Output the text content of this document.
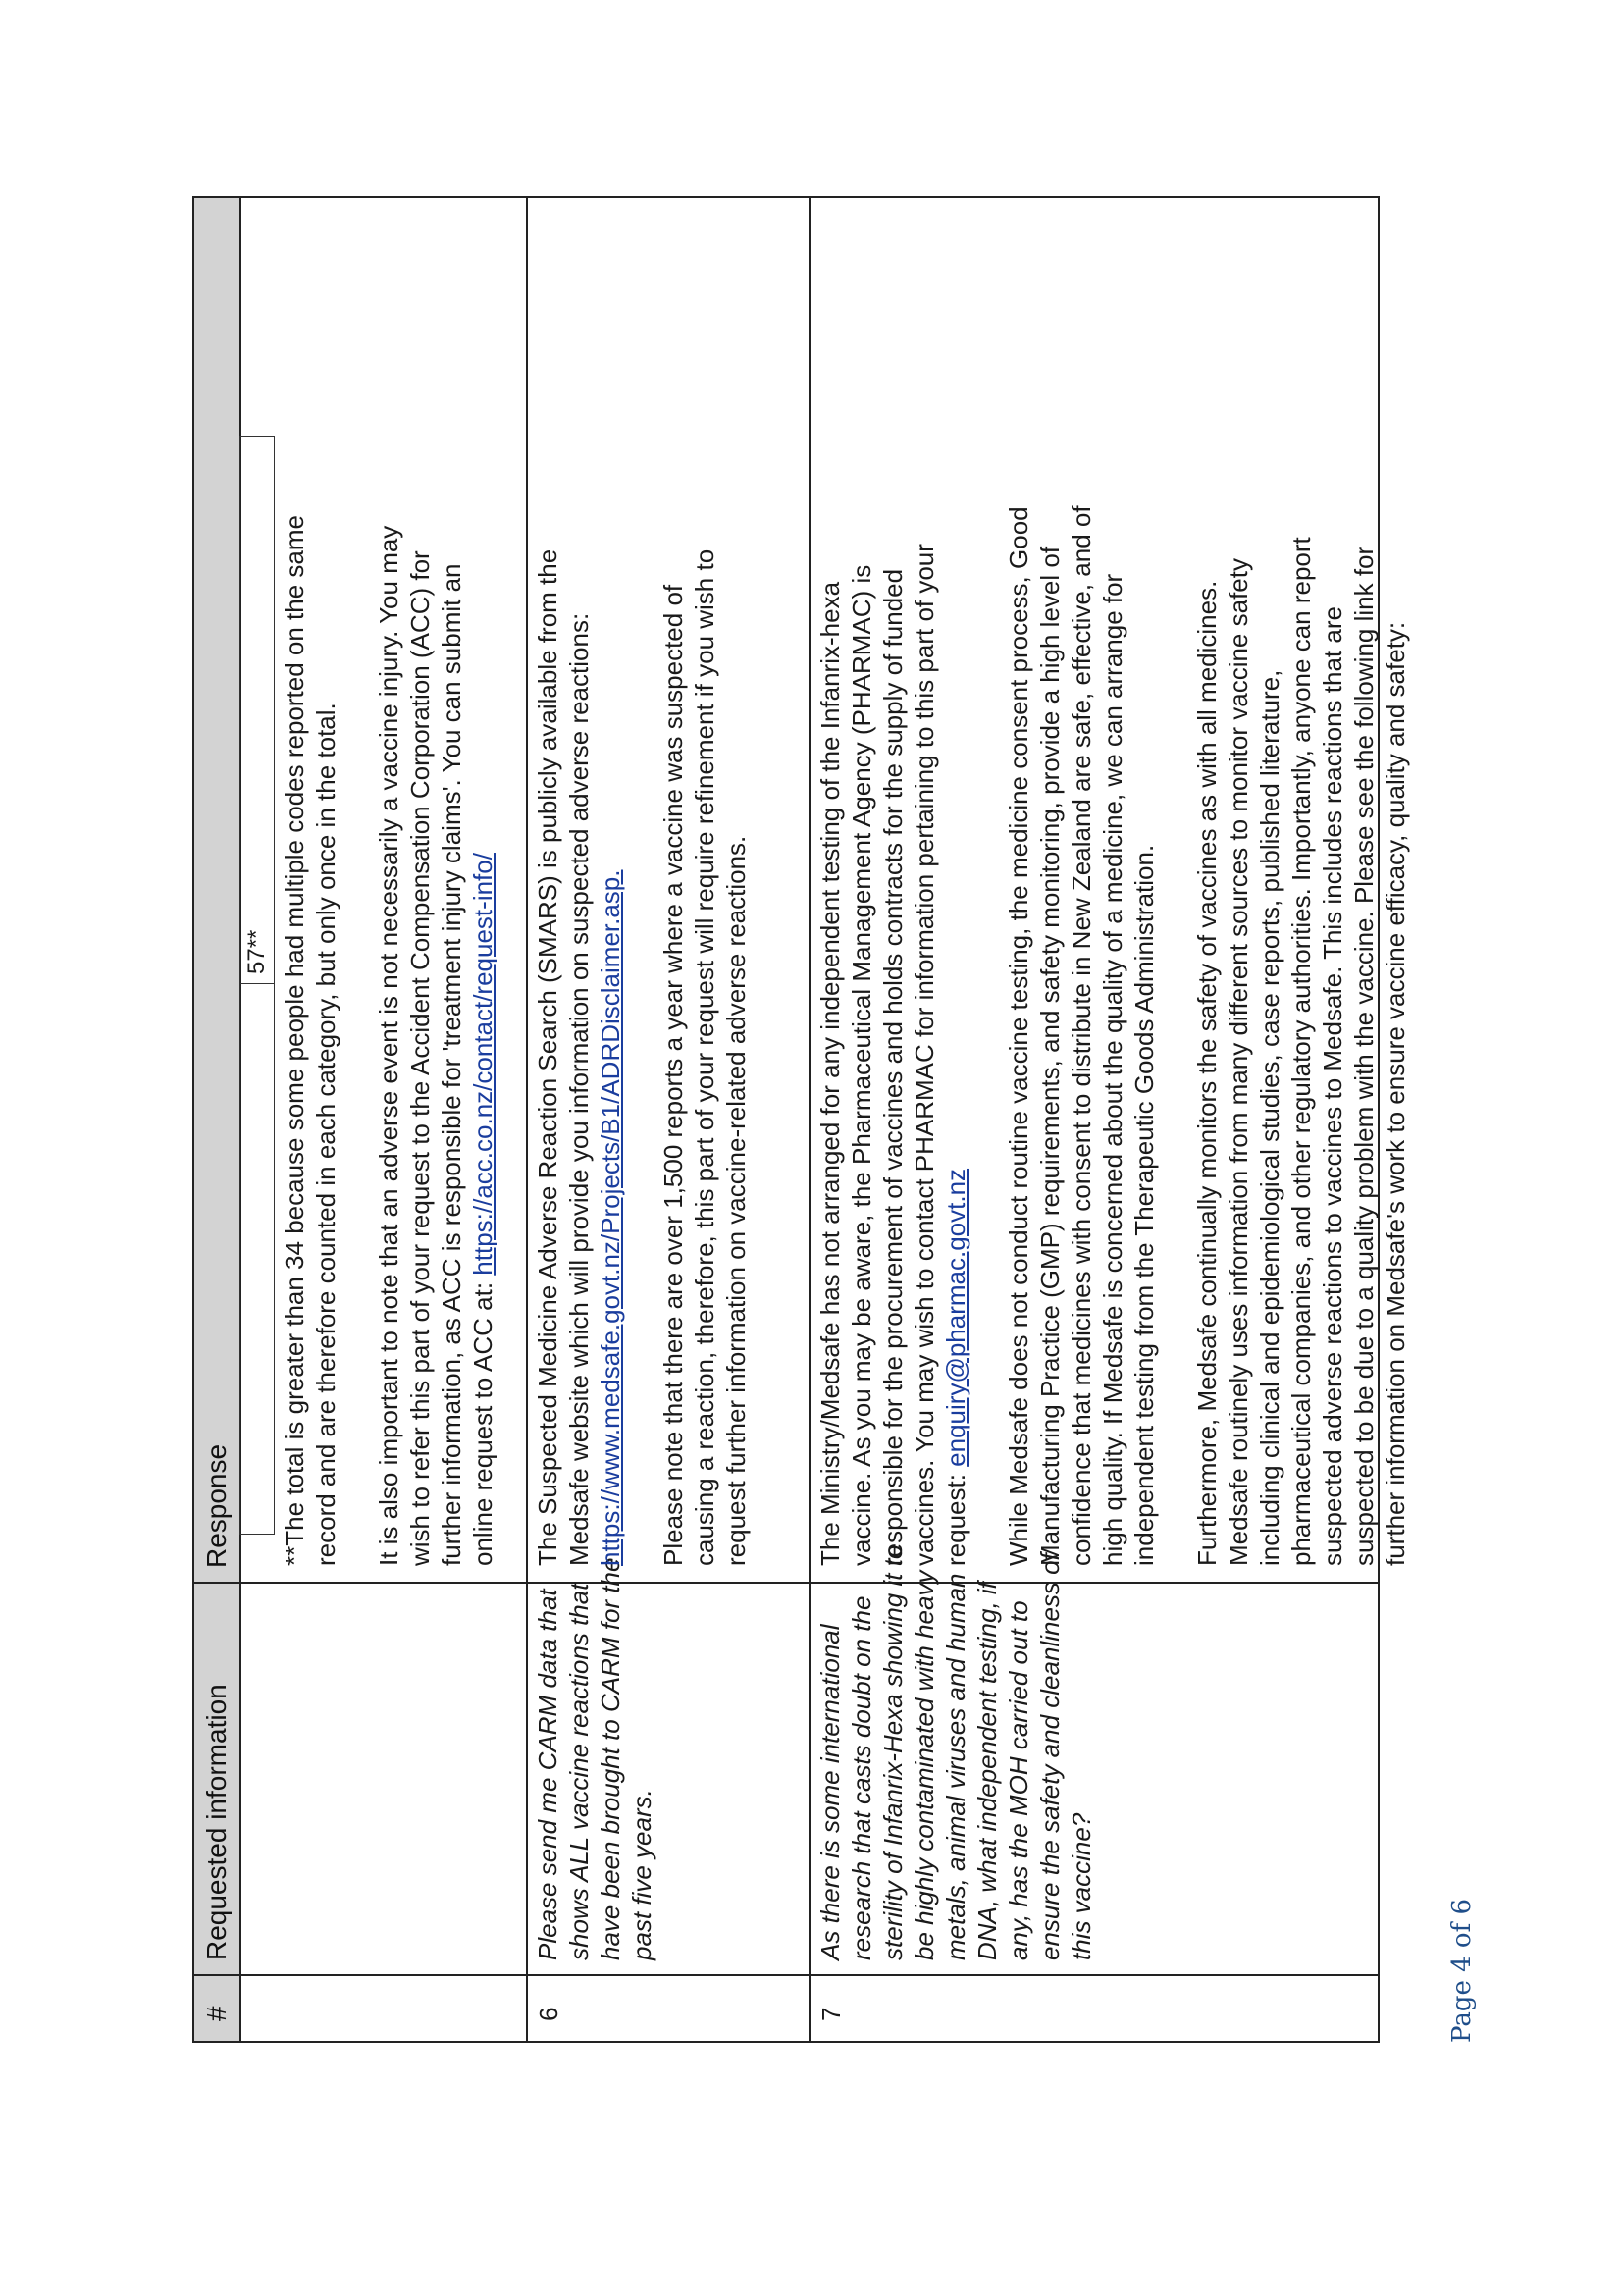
#
Requested information
Response
57** **The total is greater than 34 because some people had multiple codes reported on the same record and are therefore counted in each category, but only once in the total. It is also important to note that an adverse event is not necessarily a vaccine injury. You may wish to refer this part of your request to the Accident Compensation Corporation (ACC) for further information, as ACC is responsible for 'treatment injury claims'. You can submit an online request to ACC at: https://acc.co.nz/contact/request-info/
6
Please send me CARM data that shows ALL vaccine reactions that have been brought to CARM for the past five years.
The Suspected Medicine Adverse Reaction Search (SMARS) is publicly available from the Medsafe website which will provide you information on suspected adverse reactions: https://www.medsafe.govt.nz/Projects/B1/ADRDisclaimer.asp. Please note that there are over 1,500 reports a year where a vaccine was suspected of causing a reaction, therefore, this part of your request will require refinement if you wish to request further information on vaccine-related adverse reactions.
7
As there is some international research that casts doubt on the sterility of Infanrix-Hexa showing it to be highly contaminated with heavy metals, animal viruses and human DNA, what independent testing, if any, has the MOH carried out to ensure the safety and cleanliness of this vaccine?
The Ministry/Medsafe has not arranged for any independent testing of the Infanrix-hexa vaccine. As you may be aware, the Pharmaceutical Management Agency (PHARMAC) is responsible for the procurement of vaccines and holds contracts for the supply of funded vaccines. You may wish to contact PHARMAC for information pertaining to this part of your request: enquiry@pharmac.govt.nz While Medsafe does not conduct routine vaccine testing, the medicine consent process, Good Manufacturing Practice (GMP) requirements, and safety monitoring, provide a high level of confidence that medicines with consent to distribute in New Zealand are safe, effective, and of high quality. If Medsafe is concerned about the quality of a medicine, we can arrange for independent testing from the Therapeutic Goods Administration. Furthermore, Medsafe continually monitors the safety of vaccines as with all medicines. Medsafe routinely uses information from many different sources to monitor vaccine safety including clinical and epidemiological studies, case reports, published literature, pharmaceutical companies, and other regulatory authorities. Importantly, anyone can report suspected adverse reactions to vaccines to Medsafe. This includes reactions that are suspected to be due to a quality problem with the vaccine. Please see the following link for further information on Medsafe's work to ensure vaccine efficacy, quality and safety:
Page 4 of 6
